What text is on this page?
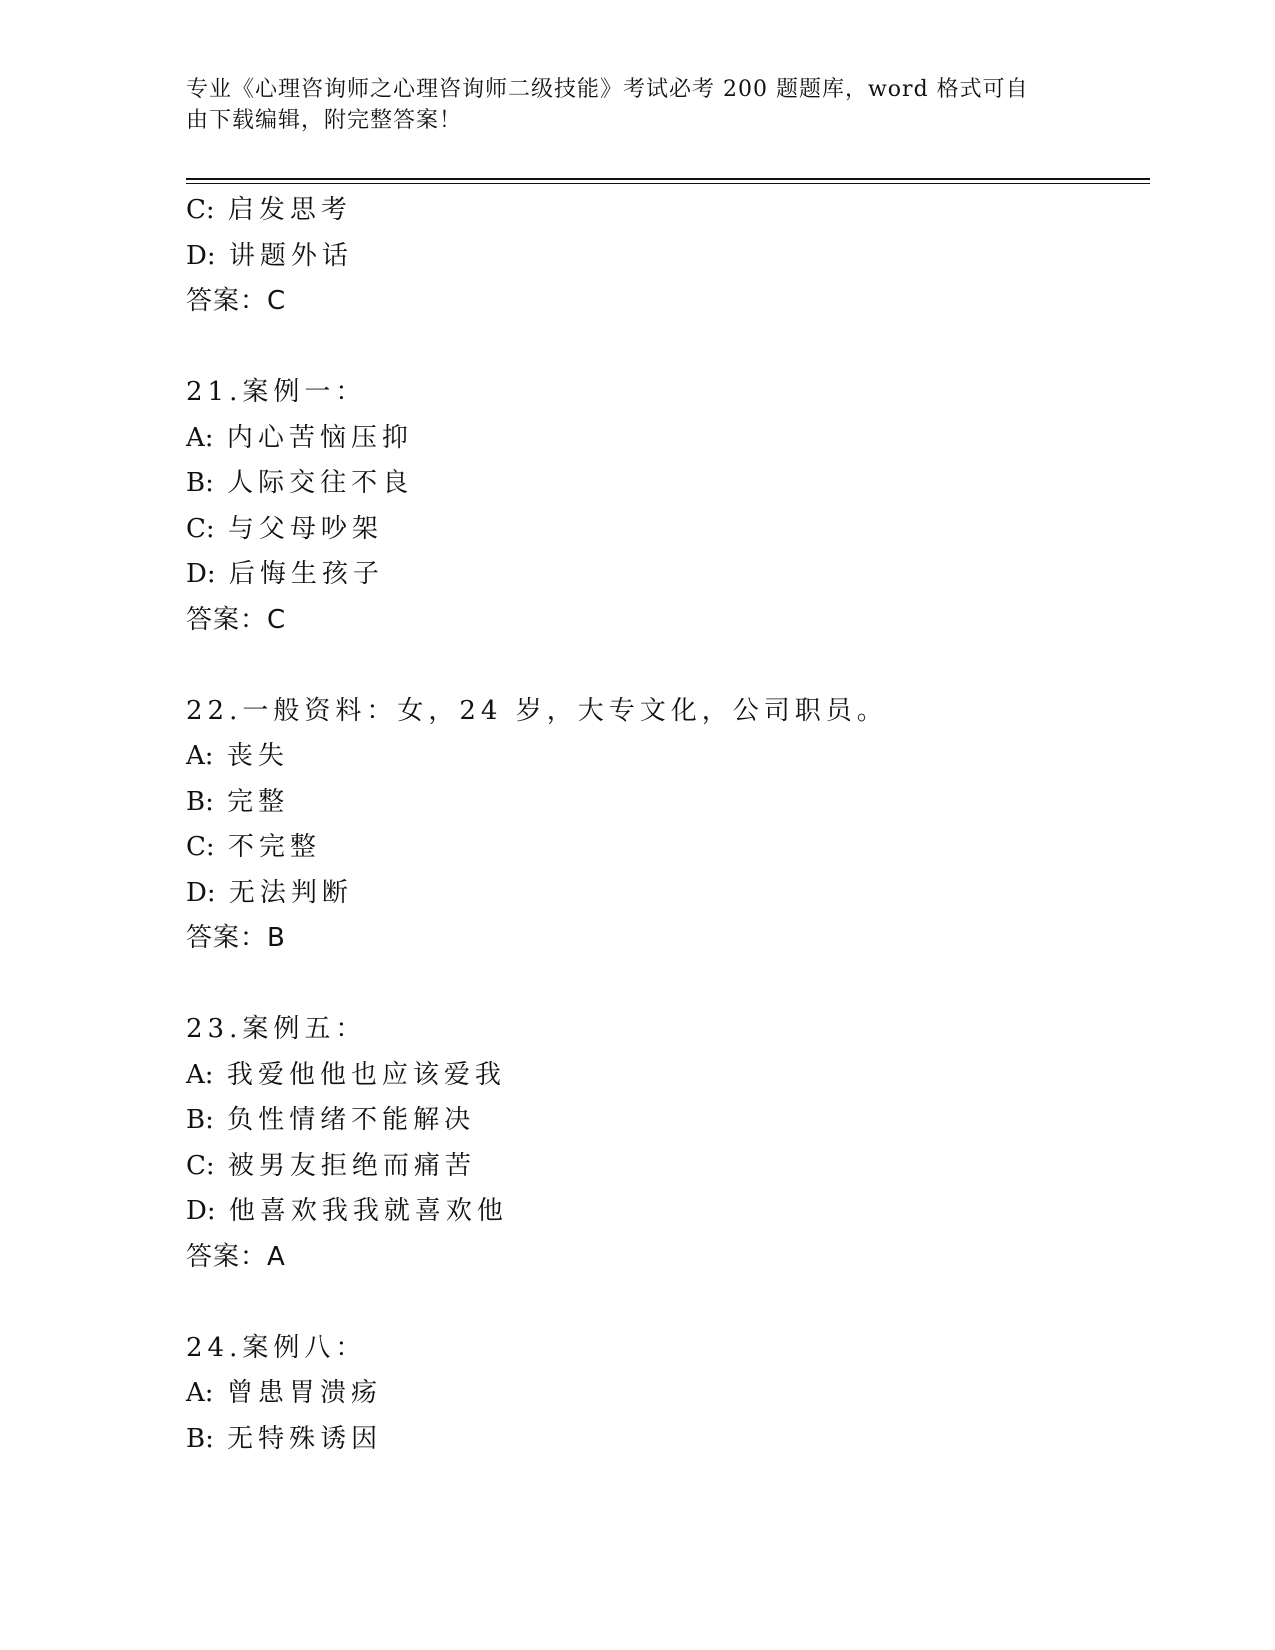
专业《心理咨询师之心理咨询师二级技能》考试必考 200 题题库，word 格式可自
由下载编辑，附完整答案！
C: 启发思考
D: 讲题外话
答案：C
21.案例一：
A: 内心苦恼压抑
B: 人际交往不良
C: 与父母吵架
D: 后悔生孩子
答案：C
22.一般资料：女，24 岁，大专文化，公司职员。
A: 丧失
B: 完整
C: 不完整
D: 无法判断
答案：B
23.案例五：
A: 我爱他他也应该爱我
B: 负性情绪不能解决
C: 被男友拒绝而痛苦
D: 他喜欢我我就喜欢他
答案：A
24.案例八：
A: 曾患胃溃疡
B: 无特殊诱因
